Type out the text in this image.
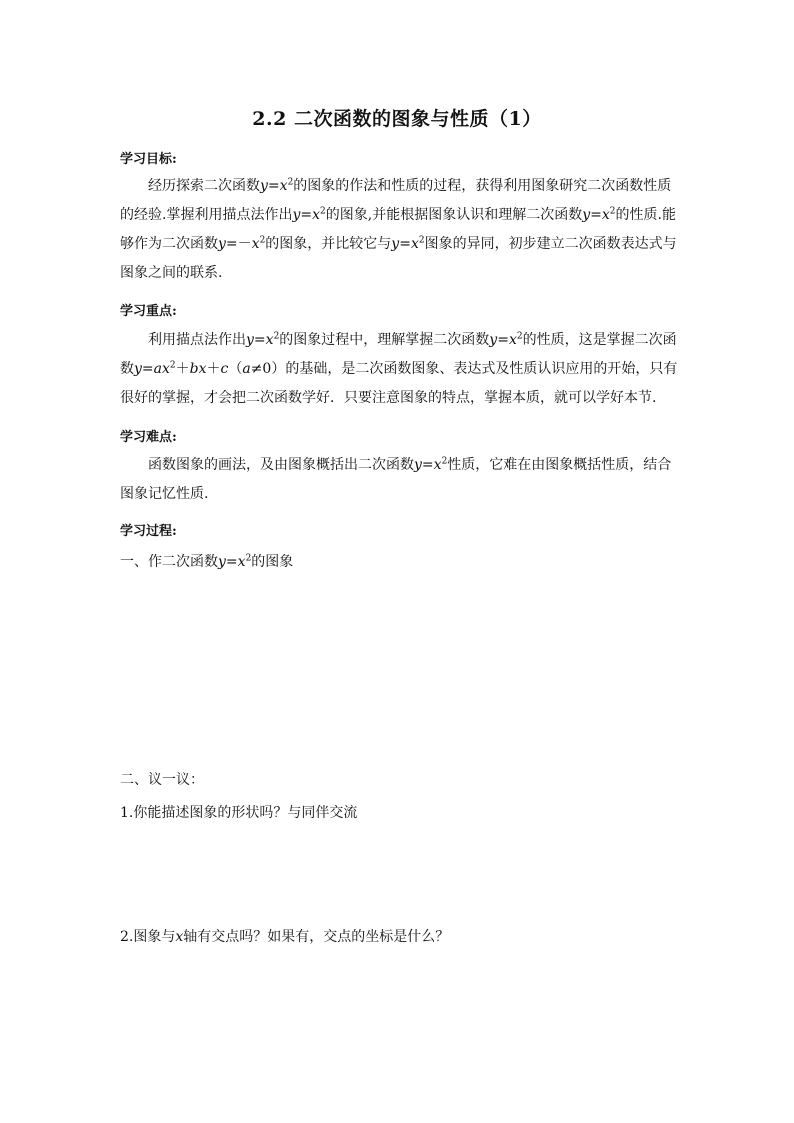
2.2 二次函数的图象与性质（1）
学习目标:
经历探索二次函数$y=x^2$的图象的作法和性质的过程，获得利用图象研究二次函数性质的经验.掌握利用描点法作出$y=x^2$的图象,并能根据图象认识和理解二次函数$y=x^2$的性质.能够作为二次函数$y=-x^2$的图象，并比较它与$y=x^2$图象的异同，初步建立二次函数表达式与图象之间的联系.
学习重点:
利用描点法作出$y=x^2$的图象过程中，理解掌握二次函数$y=x^2$的性质，这是掌握二次函数$y=ax^2+bx+c(a\ne 0)$的基础，是二次函数图象、表达式及性质认识应用的开始，只有很好的掌握，才会把二次函数学好．只要注意图象的特点，掌握本质，就可以学好本节.
学习难点:
函数图象的画法，及由图象概括出二次函数$y=x^2$性质，它难在由图象概括性质，结合图象记忆性质.
学习过程:
一、作二次函数$y=x^2$的图象
二、议一议：
1.你能描述图象的形状吗？与同伴交流
2.图象与x轴有交点吗？如果有，交点的坐标是什么？
